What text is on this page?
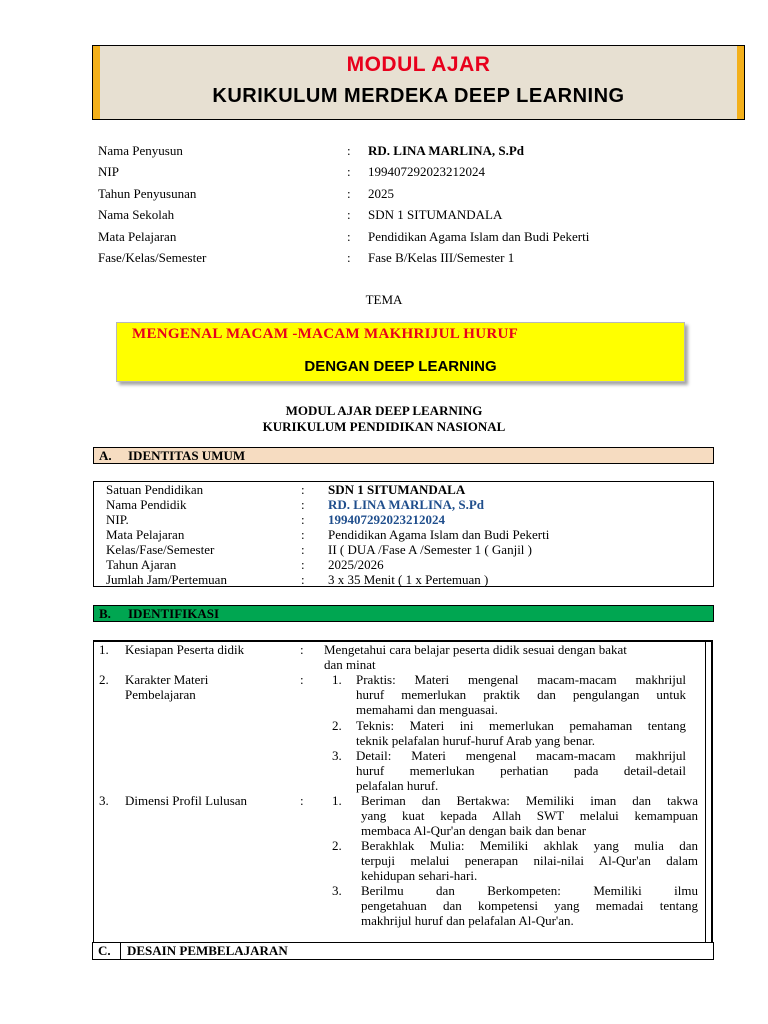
MODUL AJAR
KURIKULUM MERDEKA DEEP LEARNING
Nama Penyusun	: RD. LINA MARLINA, S.Pd
NIP	: 199407292023212024
Tahun Penyusunan	: 2025
Nama Sekolah	: SDN 1 SITUMANDALA
Mata Pelajaran	: Pendidikan Agama Islam dan Budi Pekerti
Fase/Kelas/Semester	: Fase B/Kelas III/Semester 1
TEMA
MENGENAL MACAM -MACAM MAKHRIJUL HURUF
DENGAN DEEP LEARNING
MODUL AJAR DEEP LEARNING
KURIKULUM PENDIDIKAN NASIONAL
A. IDENTITAS UMUM
Satuan Pendidikan	: SDN 1 SITUMANDALA
Nama Pendidik	: RD. LINA MARLINA, S.Pd
NIP.	: 199407292023212024
Mata Pelajaran	: Pendidikan Agama Islam dan Budi Pekerti
Kelas/Fase/Semester	: II ( DUA /Fase A /Semester 1 ( Ganjil )
Tahun Ajaran	: 2025/2026
Jumlah Jam/Pertemuan	: 3 x 35 Menit ( 1 x Pertemuan )
B. IDENTIFIKASI
1. Kesiapan Peserta didik	: Mengetahui cara belajar peserta didik sesuai dengan bakat
dan minat
2. Karakter Materi
Pembelajaran
: 1. Praktis: Materi mengenal macam-macam makhrijul
huruf memerlukan praktik dan pengulangan untuk
memahami dan menguasai.
2. Teknis: Materi ini memerlukan pemahaman tentang
teknik pelafalan huruf-huruf Arab yang benar.
3. Detail: Materi mengenal macam-macam makhrijul
huruf memerlukan perhatian pada detail-detail
pelafalan huruf.
3. Dimensi Profil Lulusan	: 1. Beriman dan Bertakwa: Memiliki iman dan takwa
yang kuat kepada Allah SWT melalui kemampuan
membaca Al-Qur'an dengan baik dan benar
2. Berakhlak Mulia: Memiliki akhlak yang mulia dan
terpuji melalui penerapan nilai-nilai Al-Qur'an dalam
kehidupan sehari-hari.
3. Berilmu dan Berkompeten: Memiliki ilmu
pengetahuan dan kompetensi yang memadai tentang
makhrijul huruf dan pelafalan Al-Qur'an.
C. DESAIN PEMBELAJARAN
